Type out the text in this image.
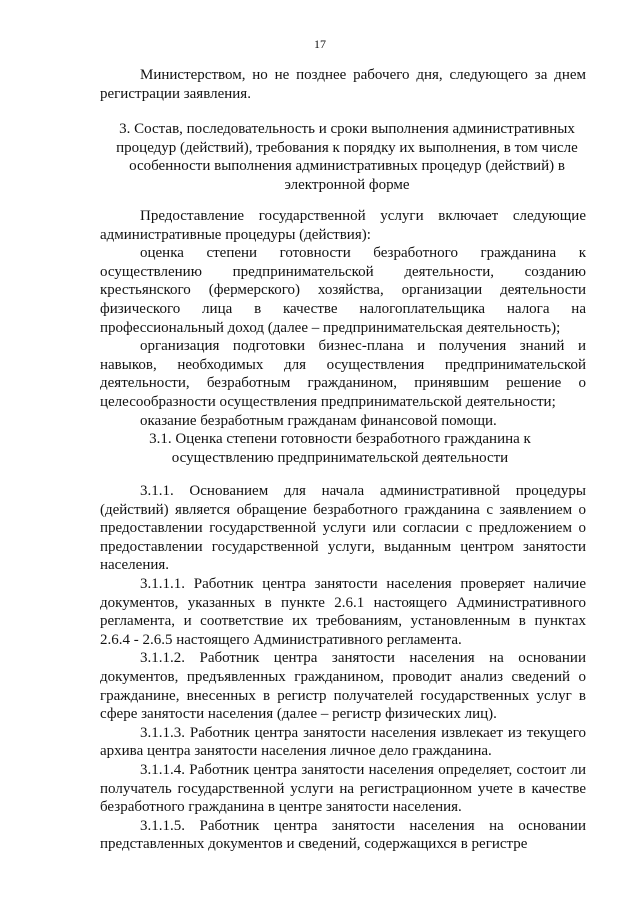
17

Министерством, но не позднее рабочего дня, следующего за днем регистрации заявления.

3. Состав, последовательность и сроки выполнения административных процедур (действий), требования к порядку их выполнения, в том числе особенности выполнения административных процедур (действий) в электронной форме

Предоставление государственной услуги включает следующие административные процедуры (действия):

оценка степени готовности безработного гражданина к осуществлению предпринимательской деятельности, созданию крестьянского (фермерского) хозяйства, организации деятельности физического лица в качестве налогоплательщика налога на профессиональный доход (далее – предпринимательская деятельность);

организация подготовки бизнес-плана и получения знаний и навыков, необходимых для осуществления предпринимательской деятельности, безработным гражданином, принявшим решение о целесообразности осуществления предпринимательской деятельности;

оказание безработным гражданам финансовой помощи.

3.1. Оценка степени готовности безработного гражданина к осуществлению предпринимательской деятельности

3.1.1. Основанием для начала административной процедуры (действий) является обращение безработного гражданина с заявлением о предоставлении государственной услуги или согласии с предложением о предоставлении государственной услуги, выданным центром занятости населения.

3.1.1.1. Работник центра занятости населения проверяет наличие документов, указанных в пункте 2.6.1 настоящего Административного регламента, и соответствие их требованиям, установленным в пунктах 2.6.4 - 2.6.5 настоящего Административного регламента.

3.1.1.2. Работник центра занятости населения на основании документов, предъявленных гражданином, проводит анализ сведений о гражданине, внесенных в регистр получателей государственных услуг в сфере занятости населения (далее – регистр физических лиц).

3.1.1.3. Работник центра занятости населения извлекает из текущего архива центра занятости населения личное дело гражданина.

3.1.1.4. Работник центра занятости населения определяет, состоит ли получатель государственной услуги на регистрационном учете в качестве безработного гражданина в центре занятости населения.

3.1.1.5. Работник центра занятости населения на основании представленных документов и сведений, содержащихся в регистре
